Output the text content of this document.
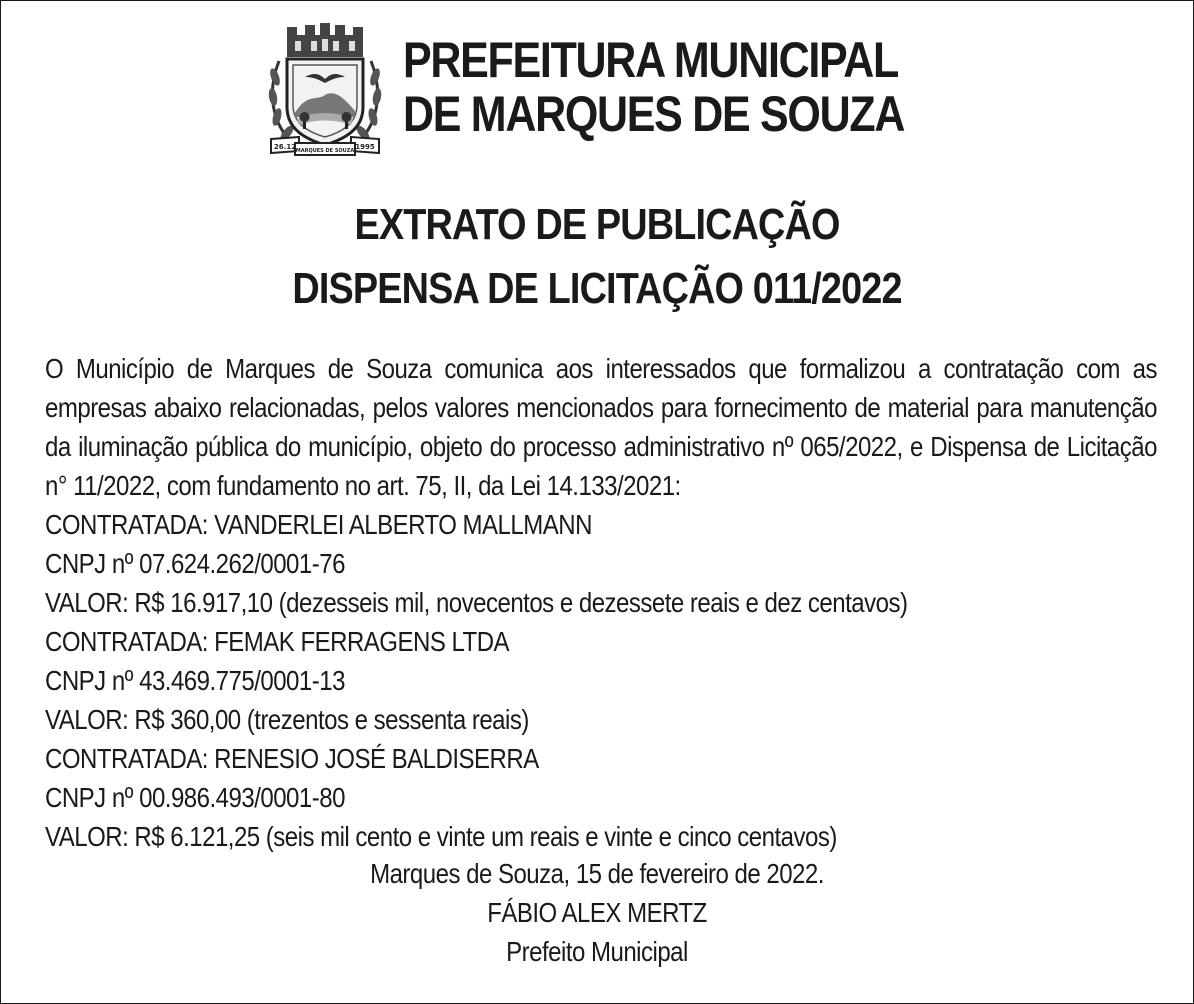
26.12	1995
MARQUES DE SOUZA
PREFEITURA MUNICIPAL
DE MARQUES DE SOUZA
EXTRATO DE PUBLICAÇÃO
DISPENSA DE LICITAÇÃO 011/2022
O Município de Marques de Souza comunica aos interessados que formalizou a contratação com as empresas abaixo relacionadas, pelos valores mencionados para fornecimento de material para manutenção da iluminação pública do município, objeto do processo administrativo nº 065/2022, e Dispensa de Licitação n° 11/2022, com fundamento no art. 75, II, da Lei 14.133/2021:
CONTRATADA: VANDERLEI ALBERTO MALLMANN
CNPJ nº 07.624.262/0001-76
VALOR: R$ 16.917,10 (dezesseis mil, novecentos e dezessete reais e dez centavos)
CONTRATADA: FEMAK FERRAGENS LTDA
CNPJ nº 43.469.775/0001-13
VALOR: R$ 360,00 (trezentos e sessenta reais)
CONTRATADA: RENESIO JOSÉ BALDISERRA
CNPJ nº 00.986.493/0001-80
VALOR: R$ 6.121,25 (seis mil cento e vinte um reais e vinte e cinco centavos)
Marques de Souza, 15 de fevereiro de 2022.
FÁBIO ALEX MERTZ
Prefeito Municipal
